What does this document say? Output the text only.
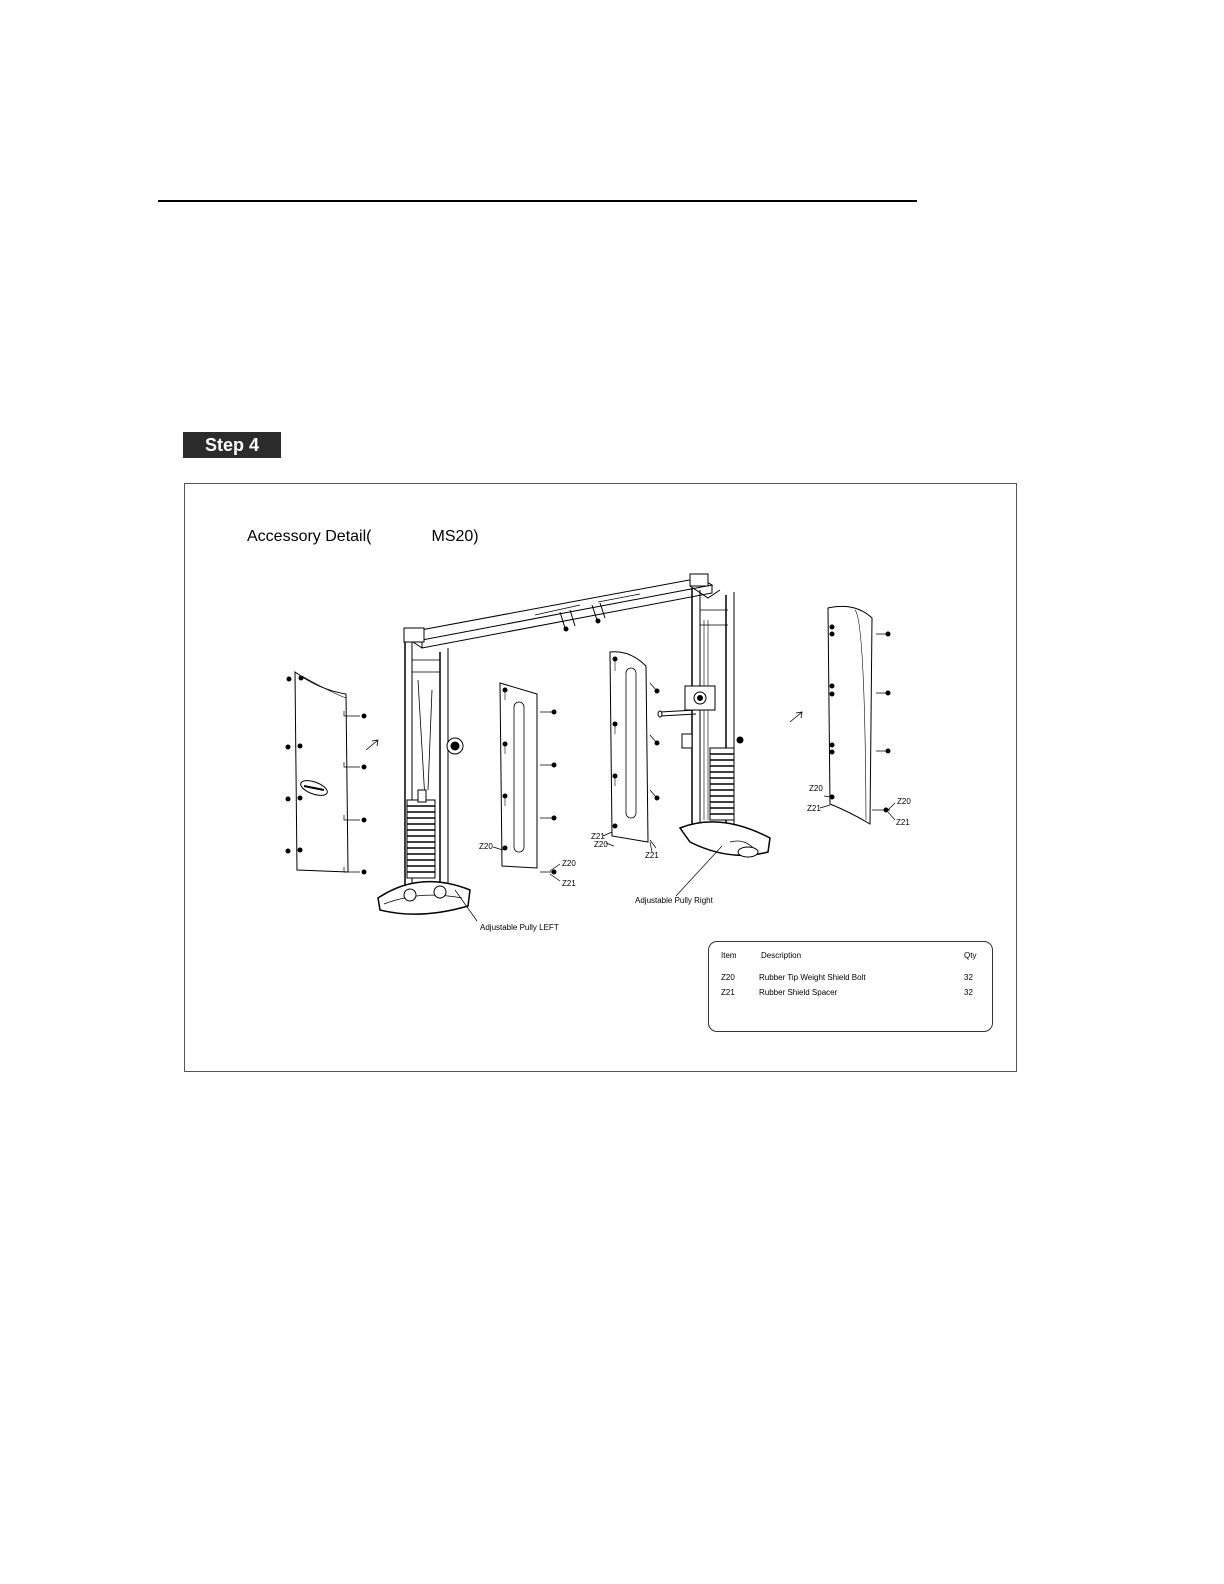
Step 4
Accessory Detail(	MS20)
Z20
Z20
Z21
Z20
Z21
Z21
Z20
Z21
Z20
Z21
Adjustable Pully LEFT
Adjustable Pully Right
Item	Description	Qty
Z20	Rubber Tip Weight Shield Bolt	32
Z21	Rubber Shield Spacer	32
